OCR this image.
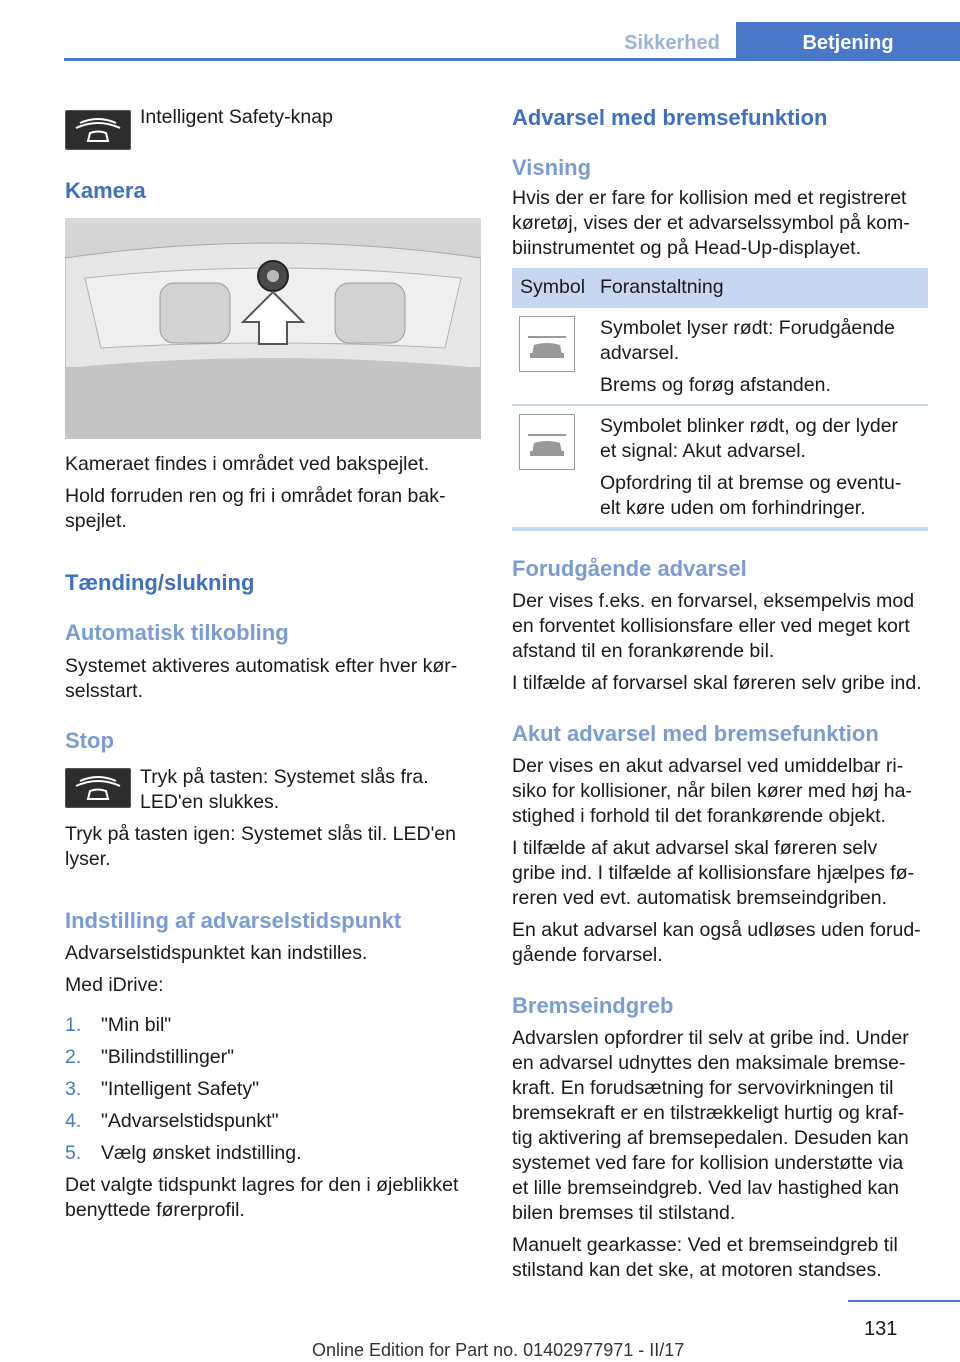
Sikkerhed	Betjening

Intelligent Safety-knap

Kamera

Kameraet findes i området ved bakspejlet.

Hold forruden ren og fri i området foran bak‐

spejlet.

Tænding/slukning
Automatisk tilkobling

Systemet aktiveres automatisk efter hver kør‐

selsstart.

Stop

Tryk på tasten: Systemet slås fra.

LED'en slukkes.

Tryk på tasten igen: Systemet slås til. LED'en

lyser.

Indstilling af advarselstidspunkt

Advarselstidspunktet kan indstilles.

Med iDrive:

1. "Min bil"
2. "Bilindstillinger"
3. "Intelligent Safety"
4. "Advarselstidspunkt"
5. Vælg ønsket indstilling.

Det valgte tidspunkt lagres for den i øjeblikket

benyttede førerprofil.

Advarsel med bremsefunktion
Visning

Hvis der er fare for kollision med et registreret

køretøj, vises der et advarselssymbol på kom‐

biinstrumentet og på Head-Up-displayet.

Symbol Foranstaltning

Symbolet lyser rødt: Forudgående

advarsel.

Brems og forøg afstanden.

Symbolet blinker rødt, og der lyder

et signal: Akut advarsel.

Opfordring til at bremse og eventu‐

elt køre uden om forhindringer.

Forudgående advarsel

Der vises f.eks. en forvarsel, eksempelvis mod

en forventet kollisionsfare eller ved meget kort

afstand til en forankørende bil.

I tilfælde af forvarsel skal føreren selv gribe ind.

Akut advarsel med bremsefunktion

Der vises en akut advarsel ved umiddelbar ri‐

siko for kollisioner, når bilen kører med høj ha‐

stighed i forhold til det forankørende objekt.

I tilfælde af akut advarsel skal føreren selv

gribe ind. I tilfælde af kollisionsfare hjælpes fø‐

reren ved evt. automatisk bremseindgriben.

En akut advarsel kan også udløses uden forud‐

gående forvarsel.

Bremseindgreb

Advarslen opfordrer til selv at gribe ind. Under

en advarsel udnyttes den maksimale bremse‐

kraft. En forudsætning for servovirkningen til

bremsekraft er en tilstrækkeligt hurtig og kraf‐

tig aktivering af bremsepedalen. Desuden kan

systemet ved fare for kollision understøtte via

et lille bremseindgreb. Ved lav hastighed kan

bilen bremses til stilstand.

Manuelt gearkasse: Ved et bremseindgreb til

stilstand kan det ske, at motoren standses.

131
Online Edition for Part no. 01402977971 - II/17
